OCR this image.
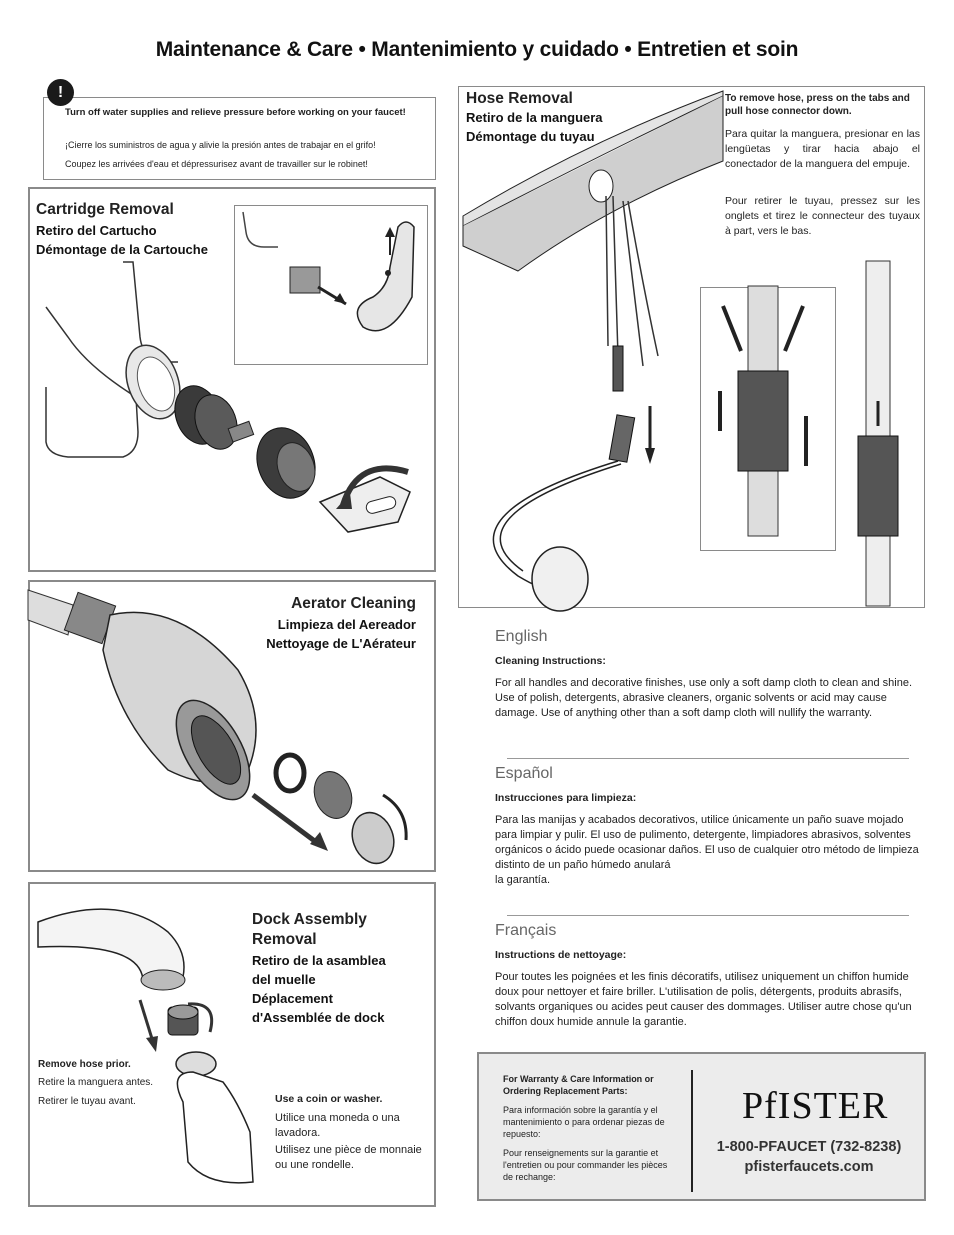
Maintenance & Care • Mantenimiento y cuidado • Entretien et soin
!
Turn off water supplies and relieve pressure before working on your faucet!
¡Cierre los suministros de agua y alivie la presión antes de trabajar en el grifo!
Coupez les arrivées d'eau et dépressurisez avant de travailler sur le robinet!
Cartridge Removal
Retiro del Cartucho
Démontage de la Cartouche
Aerator Cleaning
Limpieza del Aereador
Nettoyage de L'Aérateur
Dock Assembly
Removal
Retiro de la asamblea
del muelle
Déplacement
d'Assemblée de dock
Remove hose prior.
Retire la manguera antes.
Retirer le tuyau avant.	Use a coin or washer.
Utilice una moneda o una lavadora.
Utilisez une pièce de monnaie ou une rondelle.
Hose Removal
Retiro de la manguera
Démontage du tuyau
To remove hose, press on the tabs and pull hose connector down.
Para quitar la manguera, presionar en las lengüetas y tirar hacia abajo el conectador de la manguera del empuje.
Pour retirer le tuyau, pressez sur les onglets et tirez le connecteur des tuyaux à part, vers le bas.
English
Cleaning Instructions:
For all handles and decorative finishes, use only a soft damp cloth to clean and shine. Use of polish, detergents, abrasive cleaners, organic solvents or acid may cause damage. Use of anything other than a soft damp cloth will nullify the warranty.
Español
Instrucciones para limpieza:
Para las manijas y acabados decorativos, utilice únicamente un paño suave mojado para limpiar y pulir. El uso de pulimento, detergente, limpiadores abrasivos, solventes orgánicos o ácido puede ocasionar daños. El uso de cualquier otro método de limpieza distinto de un paño húmedo anulará
la garantía.
Français
Instructions de nettoyage:
Pour toutes les poignées et les finis décoratifs, utilisez uniquement un chiffon humide doux pour nettoyer et faire briller. L'utilisation de polis, détergents, produits abrasifs, solvants organiques ou acides peut causer des dommages. Utiliser autre chose qu'un chiffon doux humide annule la garantie.
For Warranty & Care Information or Ordering Replacement Parts:
Para información sobre la garantía y el mantenimiento o para ordenar piezas de repuesto:
Pour renseignements sur la garantie et l'entretien ou pour commander les pièces de rechange:
PfISTER
1-800-PFAUCET (732-8238)
pfisterfaucets.com
